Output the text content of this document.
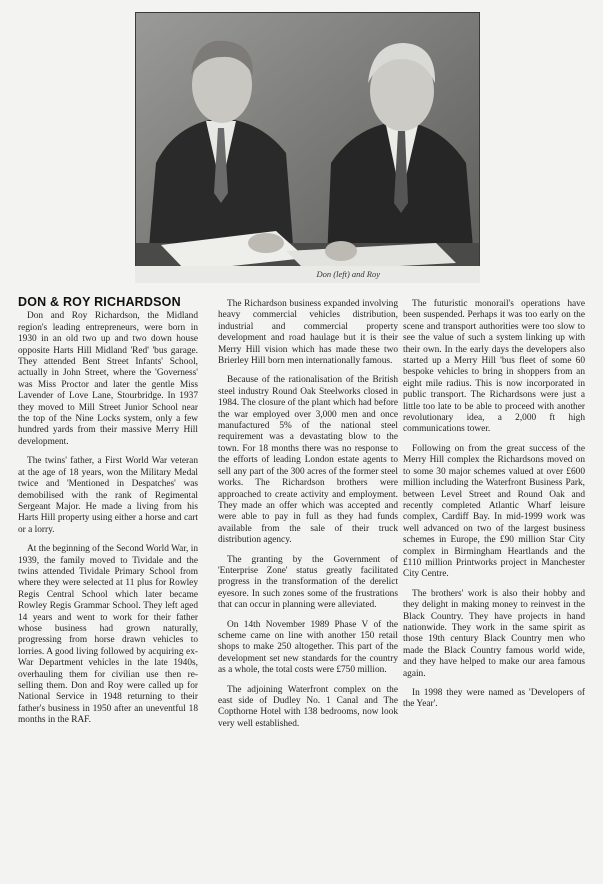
Don (left) and Roy
DON & ROY RICHARDSON

Don and Roy Richardson, the Midland region's leading entrepreneurs, were born in 1930 in an old two up and two down house opposite Harts Hill Midland 'Red' 'bus garage. They attended Bent Street Infants' School, actually in John Street, where the 'Governess' was Miss Proctor and later the gentle Miss Lavender of Love Lane, Stourbridge. In 1937 they moved to Mill Street Junior School near the top of the Nine Locks system, only a few hundred yards from their massive Merry Hill development.

The twins' father, a First World War veteran at the age of 18 years, won the Military Medal twice and 'Mentioned in Despatches' was demobilised with the rank of Regimental Sergeant Major. He made a living from his Harts Hill property using either a horse and cart or a lorry.

At the beginning of the Second World War, in 1939, the family moved to Tividale and the twins attended Tividale Primary School from where they were selected at 11 plus for Rowley Regis Central School which later became Rowley Regis Grammar School. They left aged 14 years and went to work for their father whose business had grown naturally, progressing from horse drawn vehicles to lorries. A good living followed by acquiring ex-War Department vehicles in the late 1940s, overhauling them for civilian use then re-selling them. Don and Roy were called up for National Service in 1948 returning to their father's business in 1950 after an uneventful 18 months in the RAF.

The Richardson business expanded involving heavy commercial vehicles distribution, industrial and commercial property development and road haulage but it is their Merry Hill vision which has made these two Brierley Hill born men internationally famous.

Because of the rationalisation of the British steel industry Round Oak Steelworks closed in 1984. The closure of the plant which had before the war employed over 3,000 men and once manufactured 5% of the national steel requirement was a devastating blow to the town. For 18 months there was no response to the efforts of leading London estate agents to sell any part of the 300 acres of the former steel works. The Richardson brothers were approached to create activity and employment. They made an offer which was accepted and were able to pay in full as they had funds available from the sale of their truck distribution agency.

The granting by the Government of 'Enterprise Zone' status greatly facilitated progress in the transformation of the derelict eyesore. In such zones some of the frustrations that can occur in planning were alleviated.

On 14th November 1989 Phase V of the scheme came on line with another 150 retail shops to make 250 altogether. This part of the development set new standards for the country as a whole, the total costs were £750 million.

The adjoining Waterfront complex on the east side of Dudley No. 1 Canal and The Copthorne Hotel with 138 bedrooms, now look very well established.

The futuristic monorail's operations have been suspended. Perhaps it was too early on the scene and transport authorities were too slow to see the value of such a system linking up with their own. In the early days the developers also started up a Merry Hill 'bus fleet of some 60 bespoke vehicles to bring in shoppers from an eight mile radius. This is now incorporated in public transport. The Richardsons were just a little too late to be able to proceed with another revolutionary idea, a 2,000 ft high communications tower.

Following on from the great success of the Merry Hill complex the Richardsons moved on to some 30 major schemes valued at over £600 million including the Waterfront Business Park, between Level Street and Round Oak and recently completed Atlantic Wharf leisure complex, Cardiff Bay. In mid-1999 work was well advanced on two of the largest business schemes in Europe, the £90 million Star City complex in Birmingham Heartlands and the £110 million Printworks project in Manchester City Centre.

The brothers' work is also their hobby and they delight in making money to reinvest in the Black Country. They have projects in hand nationwide. They work in the same spirit as those 19th century Black Country men who made the Black Country famous world wide, and they have helped to make our area famous again.

In 1998 they were named as 'Developers of the Year'.
